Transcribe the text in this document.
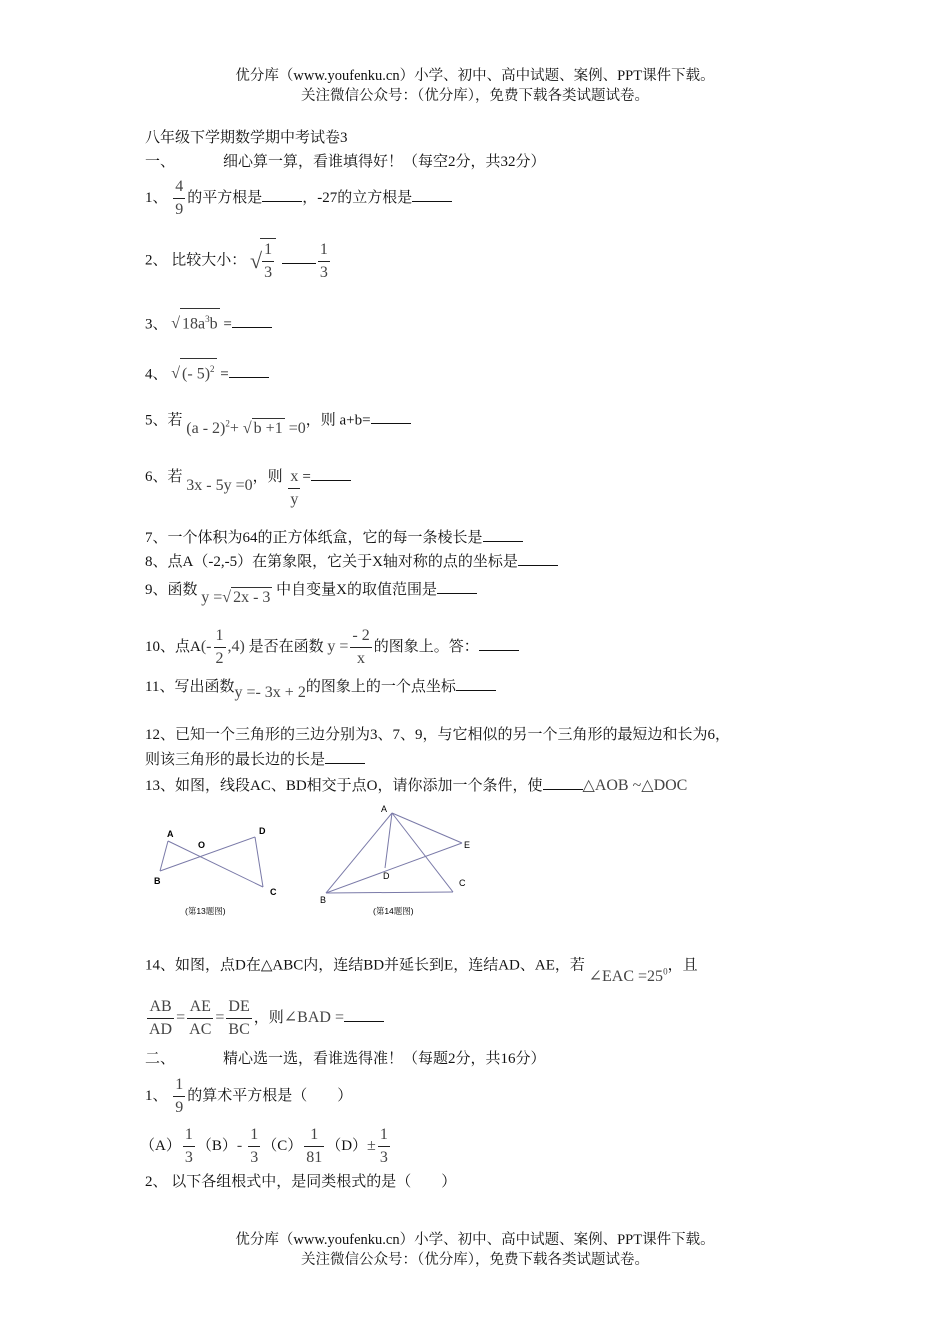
优分库（www.youfenku.cn）小学、初中、高中试题、案例、PPT课件下载。
关注微信公众号：（优分库），免费下载各类试题试卷。
八年级下学期数学期中考试卷3
一、	细心算一算，看谁填得好！（每空2分，共32分）
1、 $\frac{4}{9}$ 的平方根是	，-27的立方根是
2、 比较大小： √
$\frac{1}{3}$
	$\frac{1}{3}$
3、 √ $18a^3b$ =
4、 √ (- 5)$^2$ =
5、若 (a - 2)$^2$+ √ b +1 =0，则 a+b=
6、若 3x - 5y =0，则 $\frac{x}{y}$ =
7、一个体积为64的正方体纸盒，它的每一条棱长是
8、点A（-2,-5）在第象限，它关于X轴对称的点的坐标是
9、函数 y =√ 2x - 3 中自变量X的取值范围是
10、点$A(- \frac{1}{2} ,4)$ 是否在函数 $y = \frac{- 2}{x}$ 的图象上。答：
11、写出函数y =- 3x + 2的图象上的一个点坐标
12、已知一个三角形的三边分别为3、7、9，与它相似的另一个三角形的最短边和长为6，
则该三角形的最长边的长是
13、如图，线段AC、BD相交于点O，请你添加一个条件，使	△AOB ~△DOC
A
O
D
B
C
(第13题图)
A
E
D
C
B
(第14题图)
14、如图，点D在△ABC内，连结BD并延长到E，连结AD、AE，若 ∠EAC $=25^0$，且
$\frac{AB}{AD} = \frac{AE}{AC} = \frac{DE}{BC}$ ，则∠BAD =
二、	精心选一选，看谁选得准！（每题2分，共16分）
1、 $\frac{1}{9}$ 的算术平方根是（　　）
$(A) \frac{1}{3} (B)- \frac{1}{3} (C) \frac{1}{81} (D)\pm \frac{1}{3}$
2、 以下各组根式中，是同类根式的是（　　）
优分库（www.youfenku.cn）小学、初中、高中试题、案例、PPT课件下载。
关注微信公众号：（优分库），免费下载各类试题试卷。
